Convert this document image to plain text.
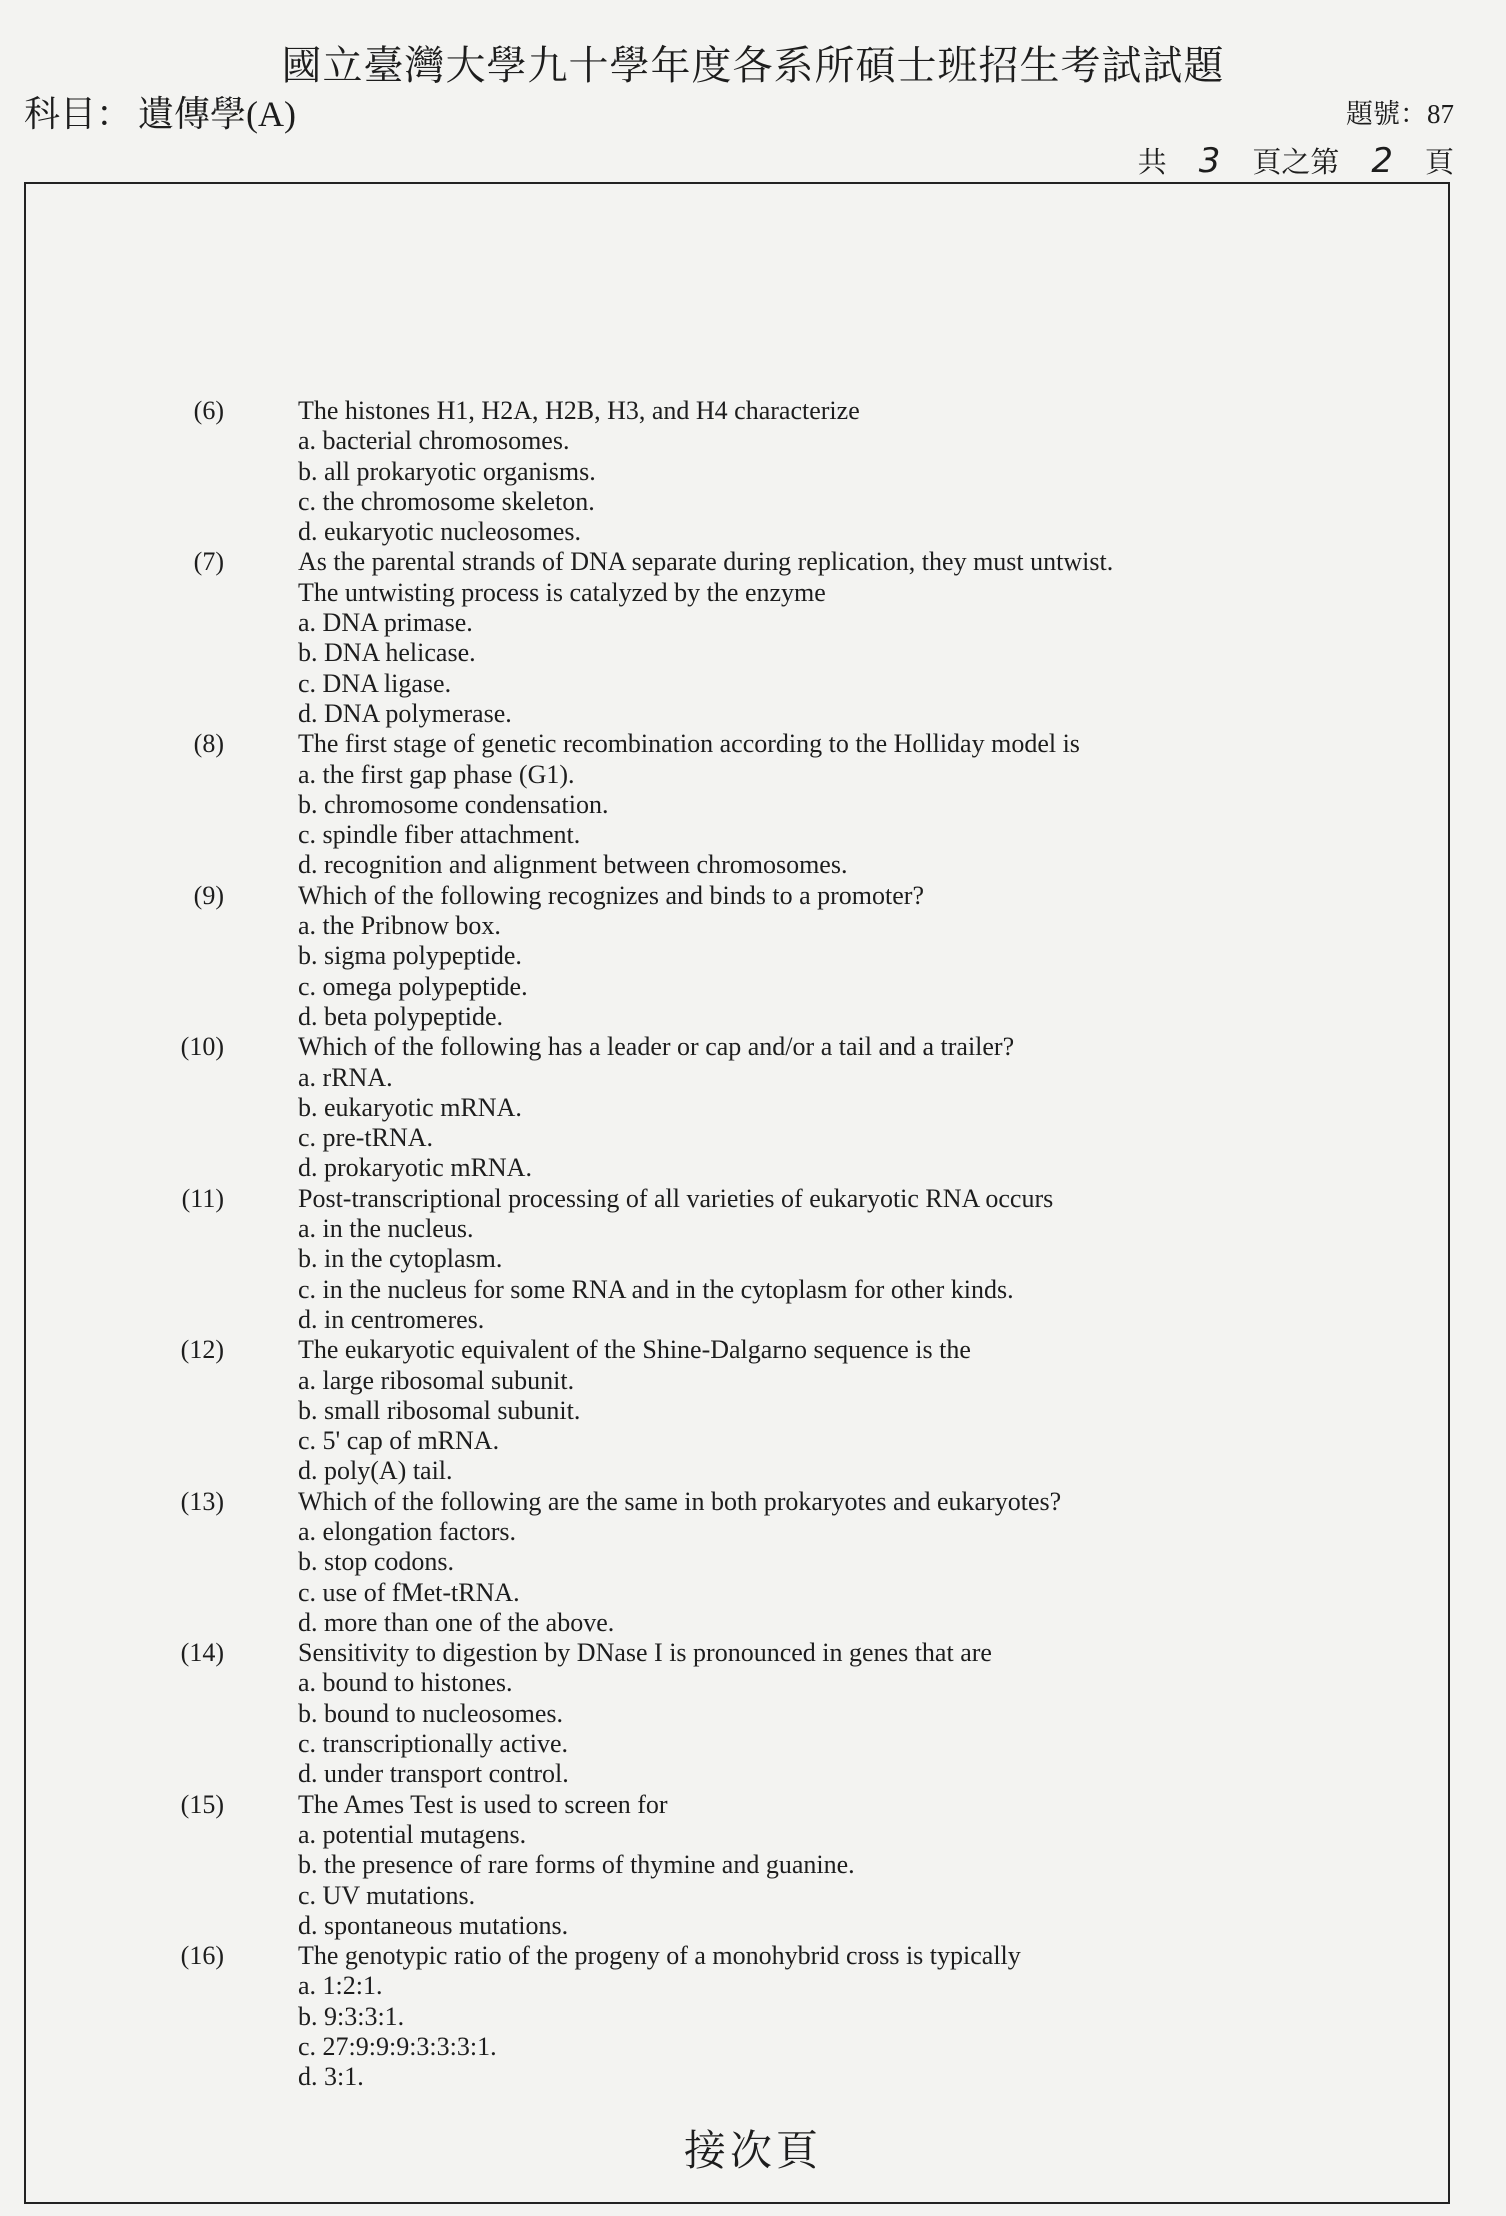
國立臺灣大學九十學年度各系所碩士班招生考試試題
科目： 遺傳學(A)	題號：87
共 3	頁之第 2	頁
(6)	The histones H1, H2A, H2B, H3, and H4 characterize
a. bacterial chromosomes.
b. all prokaryotic organisms.
c. the chromosome skeleton.
d. eukaryotic nucleosomes.
(7)	As the parental strands of DNA separate during replication, they must untwist.
The untwisting process is catalyzed by the enzyme
a. DNA primase.
b. DNA helicase.
c. DNA ligase.
d. DNA polymerase.
(8)	The first stage of genetic recombination according to the Holliday model is
a. the first gap phase (G1).
b. chromosome condensation.
c. spindle fiber attachment.
d. recognition and alignment between chromosomes.
(9)	Which of the following recognizes and binds to a promoter?
a. the Pribnow box.
b. sigma polypeptide.
c. omega polypeptide.
d. beta polypeptide.
(10)	Which of the following has a leader or cap and/or a tail and a trailer?
a. rRNA.
b. eukaryotic mRNA.
c. pre-tRNA.
d. prokaryotic mRNA.
(11)	Post-transcriptional processing of all varieties of eukaryotic RNA occurs
a. in the nucleus.
b. in the cytoplasm.
c. in the nucleus for some RNA and in the cytoplasm for other kinds.
d. in centromeres.
(12)	The eukaryotic equivalent of the Shine-Dalgarno sequence is the
a. large ribosomal subunit.
b. small ribosomal subunit.
c. 5' cap of mRNA.
d. poly(A) tail.
(13)	Which of the following are the same in both prokaryotes and eukaryotes?
a. elongation factors.
b. stop codons.
c. use of fMet-tRNA.
d. more than one of the above.
(14)	Sensitivity to digestion by DNase I is pronounced in genes that are
a. bound to histones.
b. bound to nucleosomes.
c. transcriptionally active.
d. under transport control.
(15)	The Ames Test is used to screen for
a. potential mutagens.
b. the presence of rare forms of thymine and guanine.
c. UV mutations.
d. spontaneous mutations.
(16)	The genotypic ratio of the progeny of a monohybrid cross is typically
a. 1:2:1.
b. 9:3:3:1.
c. 27:9:9:9:3:3:3:1.
d. 3:1.
接次頁
